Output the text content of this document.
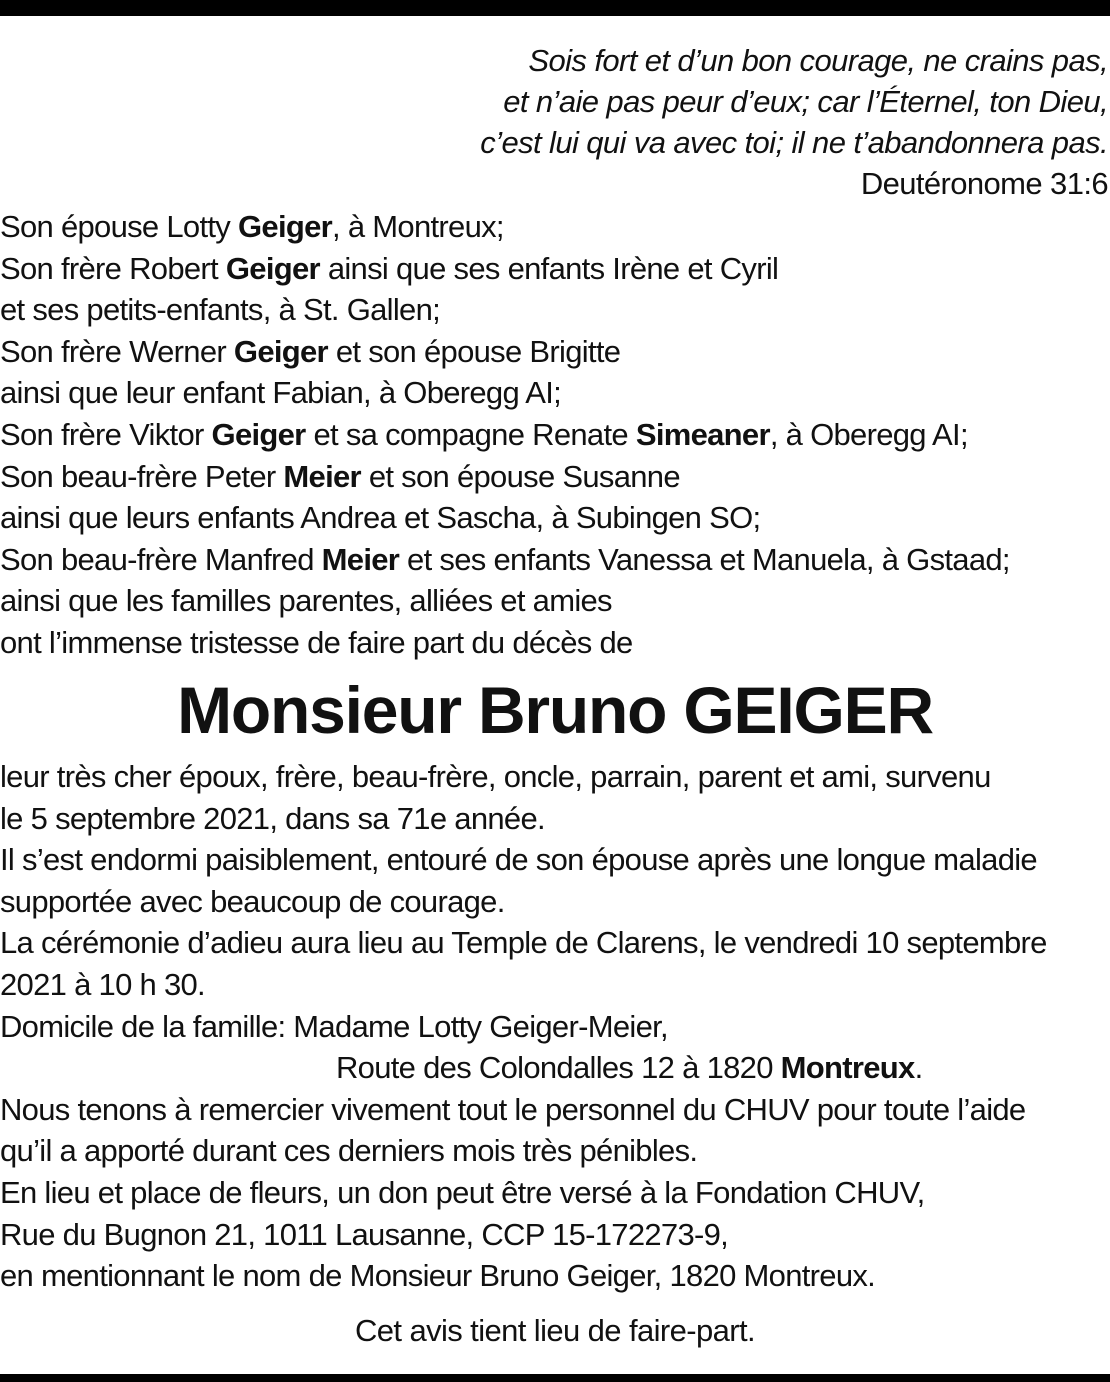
Sois fort et d’un bon courage, ne crains pas,
et n’aie pas peur d’eux; car l’Éternel, ton Dieu,
c’est lui qui va avec toi; il ne t’abandonnera pas.
Deutéronome 31:6
Son épouse Lotty Geiger, à Montreux;
Son frère Robert Geiger ainsi que ses enfants Irène et Cyril
et ses petits-enfants, à St. Gallen;
Son frère Werner Geiger et son épouse Brigitte
ainsi que leur enfant Fabian, à Oberegg AI;
Son frère Viktor Geiger et sa compagne Renate Simeaner, à Oberegg AI;
Son beau-frère Peter Meier et son épouse Susanne
ainsi que leurs enfants Andrea et Sascha, à Subingen SO;
Son beau-frère Manfred Meier et ses enfants Vanessa et Manuela, à Gstaad;
ainsi que les familles parentes, alliées et amies
ont l’immense tristesse de faire part du décès de
Monsieur Bruno GEIGER
leur très cher époux, frère, beau-frère, oncle, parrain, parent et ami, survenu
le 5 septembre 2021, dans sa 71e année.
Il s’est endormi paisiblement, entouré de son épouse après une longue maladie
supportée avec beaucoup de courage.
La cérémonie d’adieu aura lieu au Temple de Clarens, le vendredi 10 septembre
2021 à 10 h 30.
Domicile de la famille: Madame Lotty Geiger-Meier,
Route des Colondalles 12 à 1820 Montreux.
Nous tenons à remercier vivement tout le personnel du CHUV pour toute l’aide
qu’il a apporté durant ces derniers mois très pénibles.
En lieu et place de fleurs, un don peut être versé à la Fondation CHUV,
Rue du Bugnon 21, 1011 Lausanne, CCP 15-172273-9,
en mentionnant le nom de Monsieur Bruno Geiger, 1820 Montreux.
Cet avis tient lieu de faire-part.
